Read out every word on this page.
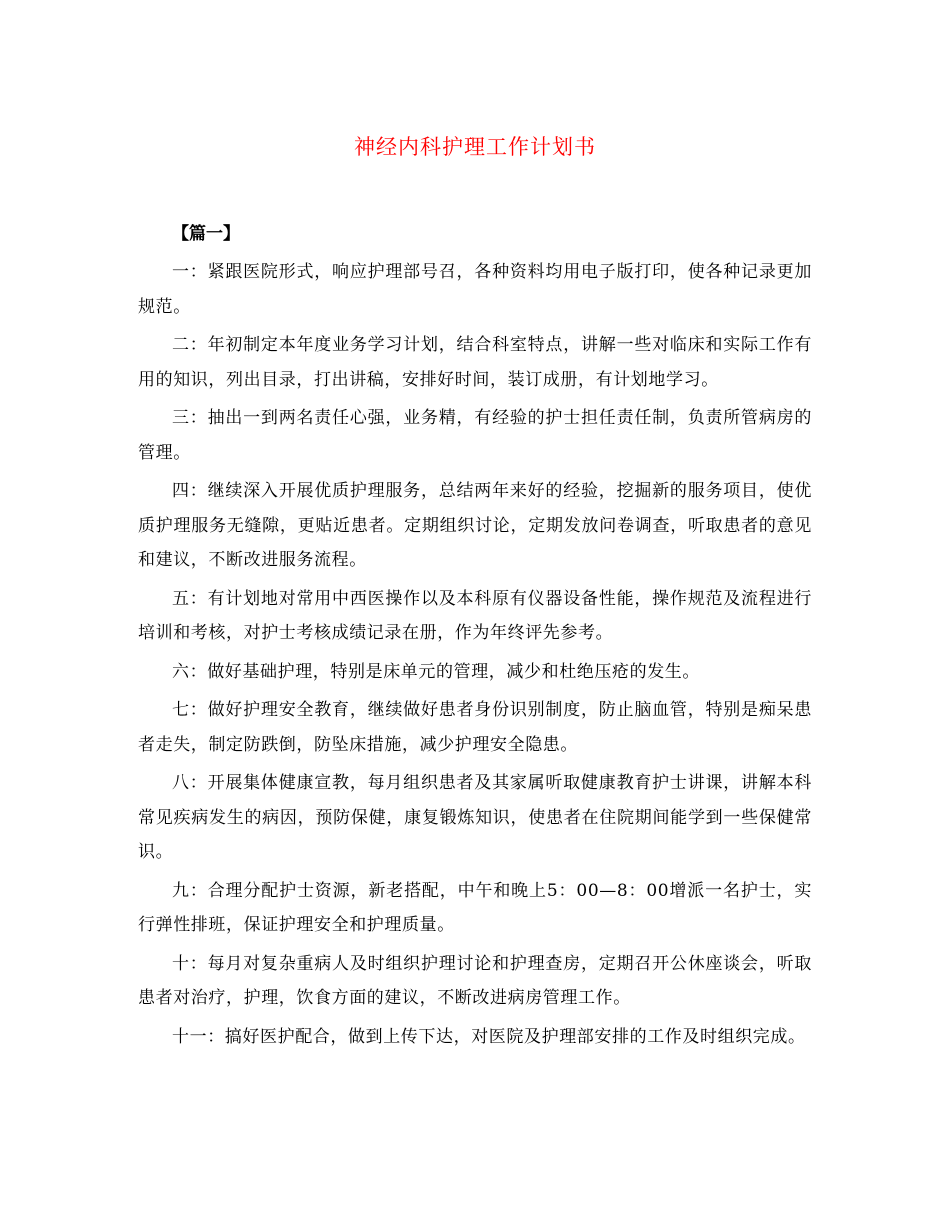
神经内科护理工作计划书
【篇一】

一：紧跟医院形式，响应护理部号召，各种资料均用电子版打印，使各种记录更加规范。

二：年初制定本年度业务学习计划，结合科室特点，讲解一些对临床和实际工作有用的知识，列出目录，打出讲稿，安排好时间，装订成册，有计划地学习。

三：抽出一到两名责任心强，业务精，有经验的护士担任责任制，负责所管病房的管理。

四：继续深入开展优质护理服务，总结两年来好的经验，挖掘新的服务项目，使优质护理服务无缝隙，更贴近患者。定期组织讨论，定期发放问卷调查，听取患者的意见和建议，不断改进服务流程。

五：有计划地对常用中西医操作以及本科原有仪器设备性能，操作规范及流程进行培训和考核，对护士考核成绩记录在册，作为年终评先参考。

六：做好基础护理，特别是床单元的管理，减少和杜绝压疮的发生。

七：做好护理安全教育，继续做好患者身份识别制度，防止脑血管，特别是痴呆患者走失，制定防跌倒，防坠床措施，减少护理安全隐患。

八：开展集体健康宣教，每月组织患者及其家属听取健康教育护士讲课，讲解本科常见疾病发生的病因，预防保健，康复锻炼知识，使患者在住院期间能学到一些保健常识。

九：合理分配护士资源，新老搭配，中午和晚上5：00—8：00增派一名护士，实行弹性排班，保证护理安全和护理质量。

十：每月对复杂重病人及时组织护理讨论和护理查房，定期召开公休座谈会，听取患者对治疗，护理，饮食方面的建议，不断改进病房管理工作。

十一：搞好医护配合，做到上传下达，对医院及护理部安排的工作及时组织完成。
